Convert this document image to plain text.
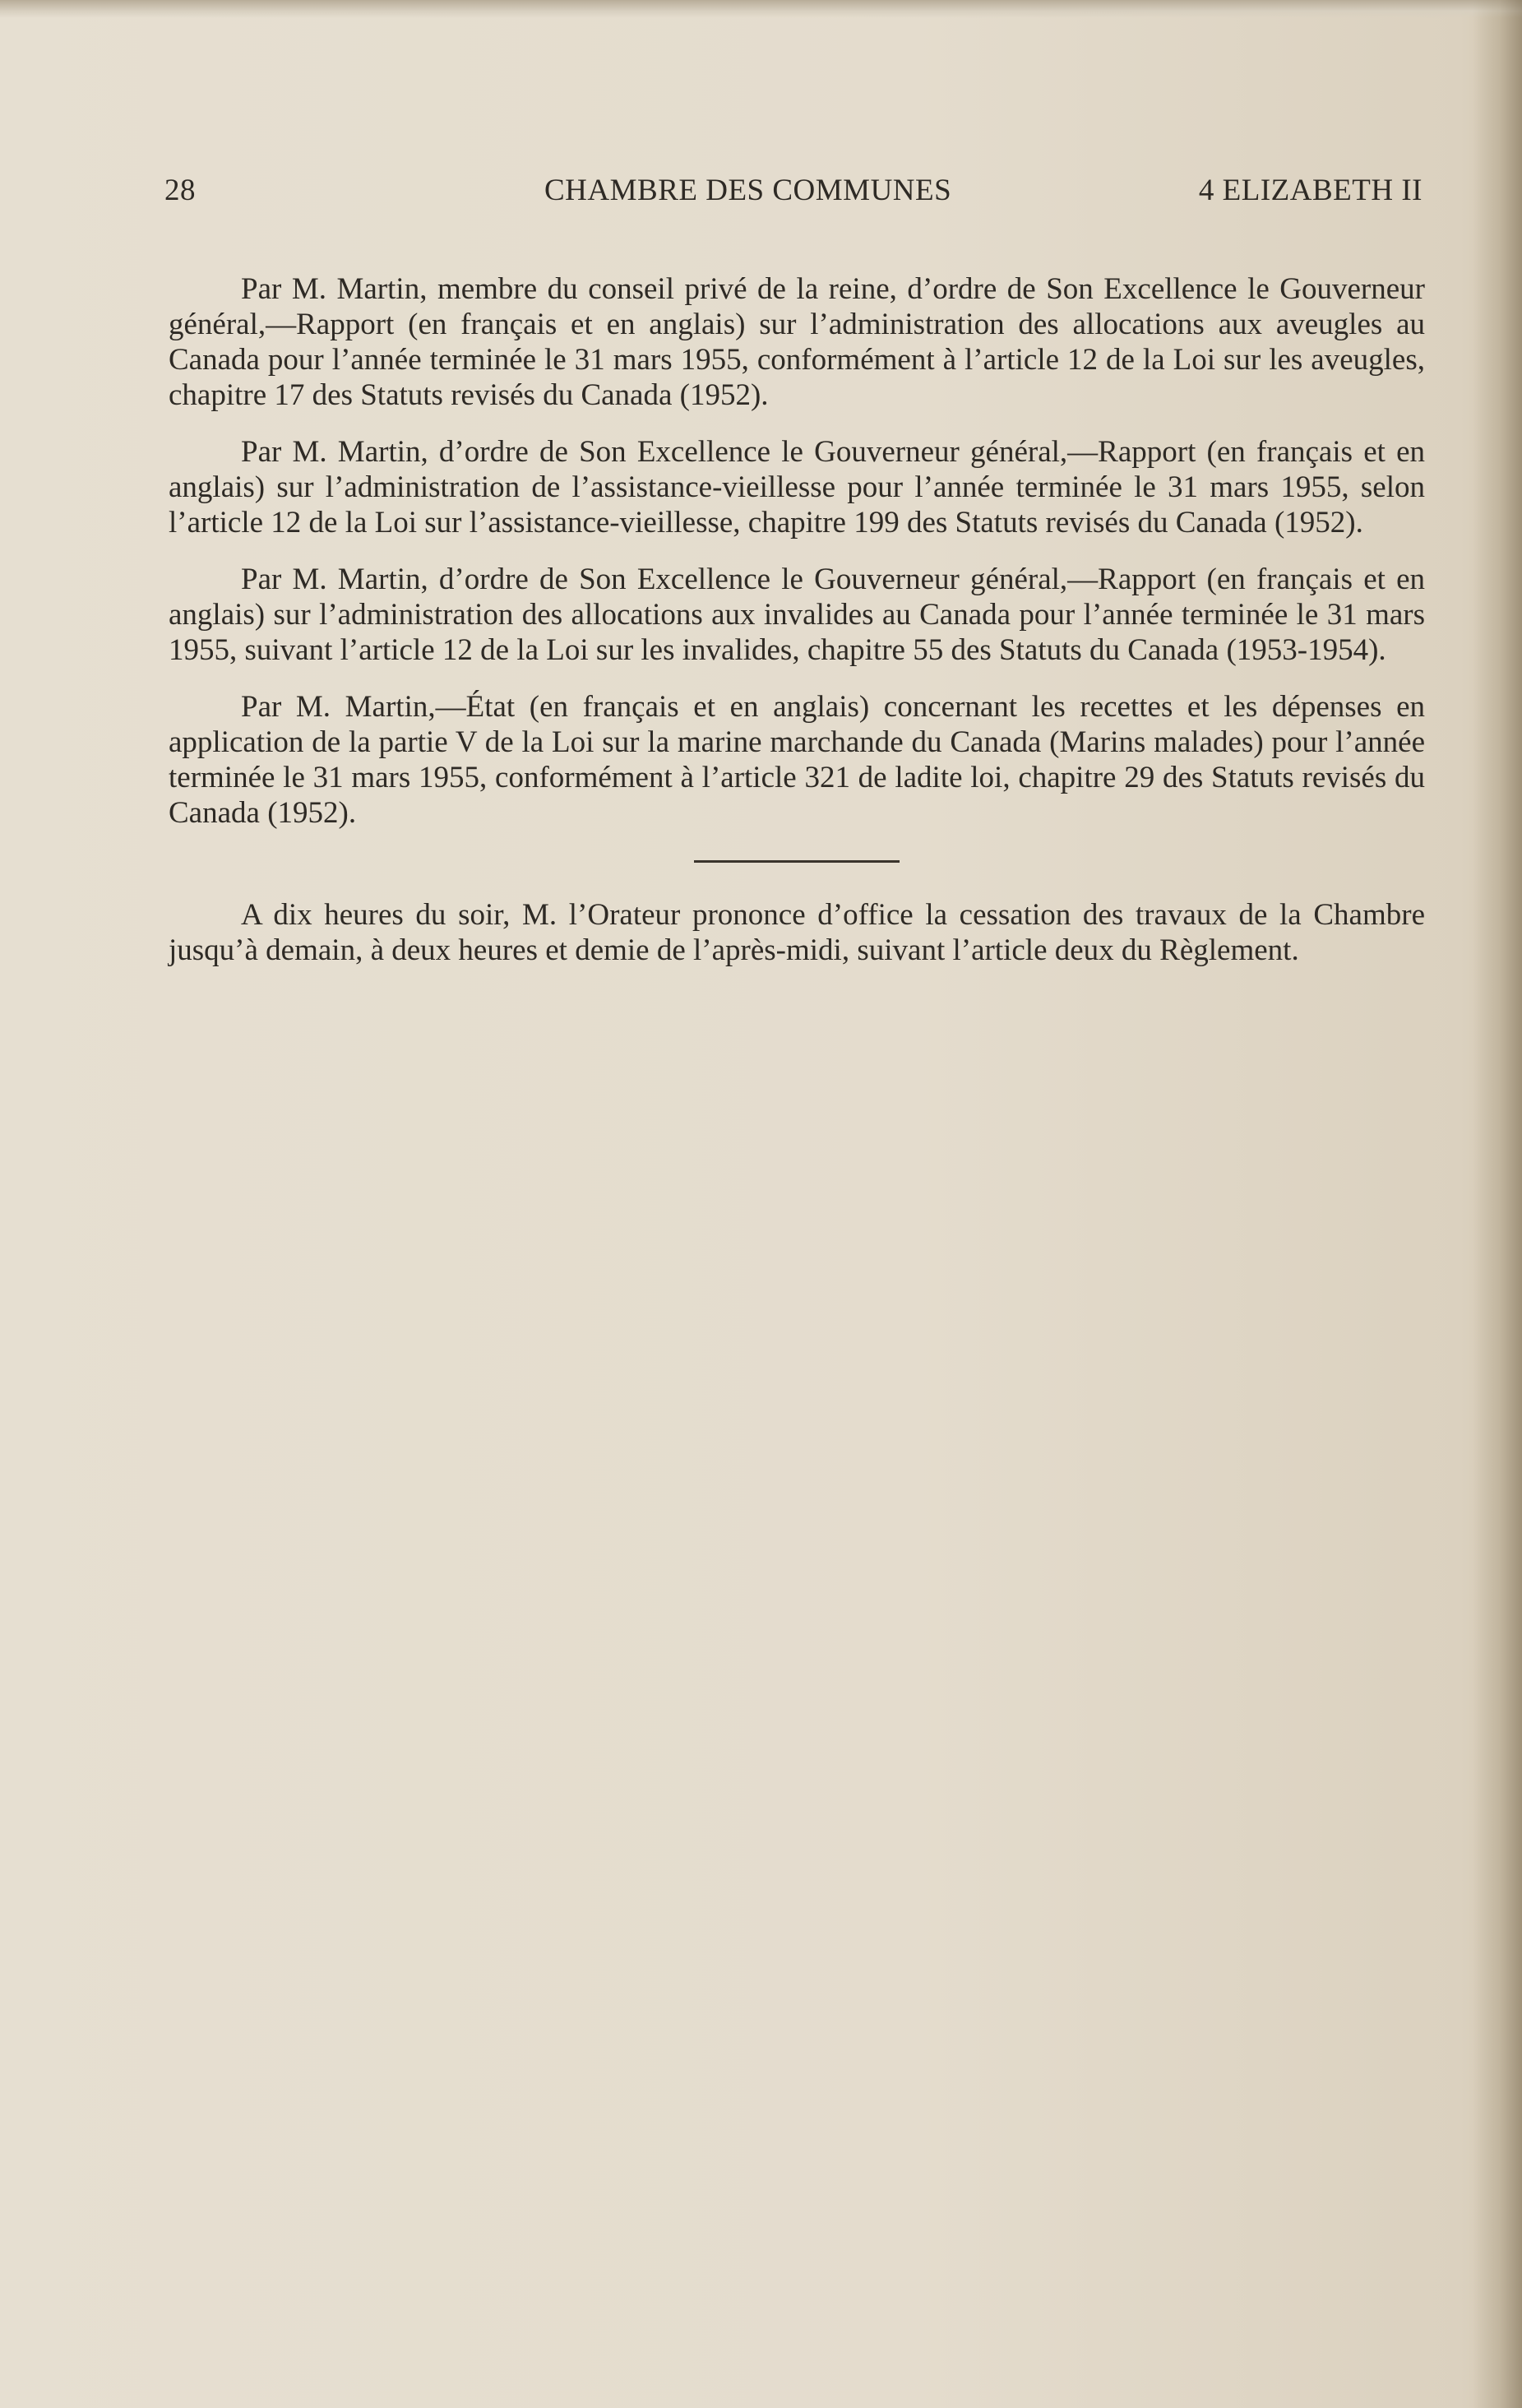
28	CHAMBRE DES COMMUNES	4 ELIZABETH II

Par M. Martin, membre du conseil privé de la reine, d’ordre de Son Excellence le Gouverneur général,—Rapport (en français et en anglais) sur l’administration des allocations aux aveugles au Canada pour l’année terminée le 31 mars 1955, conformément à l’article 12 de la Loi sur les aveugles, chapitre 17 des Statuts revisés du Canada (1952).

Par M. Martin, d’ordre de Son Excellence le Gouverneur général,—Rapport (en français et en anglais) sur l’administration de l’assistance-vieillesse pour l’année terminée le 31 mars 1955, selon l’article 12 de la Loi sur l’assistance-vieillesse, chapitre 199 des Statuts revisés du Canada (1952).

Par M. Martin, d’ordre de Son Excellence le Gouverneur général,—Rapport (en français et en anglais) sur l’administration des allocations aux invalides au Canada pour l’année terminée le 31 mars 1955, suivant l’article 12 de la Loi sur les invalides, chapitre 55 des Statuts du Canada (1953-1954).

Par M. Martin,—État (en français et en anglais) concernant les recettes et les dépenses en application de la partie V de la Loi sur la marine marchande du Canada (Marins malades) pour l’année terminée le 31 mars 1955, conformément à l’article 321 de ladite loi, chapitre 29 des Statuts revisés du Canada (1952).

A dix heures du soir, M. l’Orateur prononce d’office la cessation des travaux de la Chambre jusqu’à demain, à deux heures et demie de l’après-midi, suivant l’article deux du Règlement.
